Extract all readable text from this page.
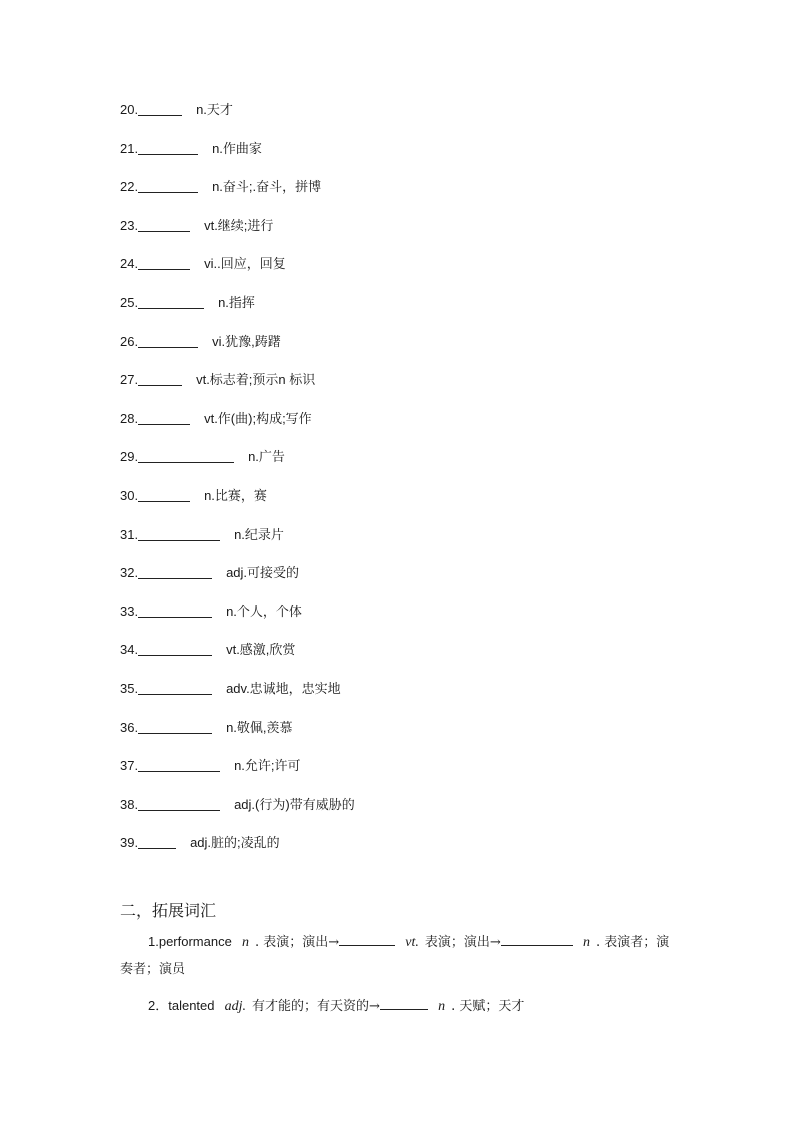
20.	n.天才
21.	n.作曲家
22.	n.奋斗;.奋斗，拼博
23.	vt.继续;进行
24.	vi..回应，回复
25.	n.指挥
26.	vi.犹豫,踌躇
27.	vt.标志着;预示n 标识
28.	vt.作(曲);构成;写作
29.	n.广告
30.	n.比赛，赛
31.	n.纪录片
32.	adj.可接受的
33.	n.个人，个体
34.	vt.感激,欣赏
35.	adv.忠诚地，忠实地
36.	n.敬佩,羡慕
37.	n.允许;许可
38.	adj.(行为)带有威胁的
39.	adj.脏的;凌乱的
二，拓展词汇
1.performance n . 表演；演出→	vt. 表演；演出→	n . 表演者；演奏者；演员
2．talented adj. 有才能的；有天资的→	n . 天赋；天才
